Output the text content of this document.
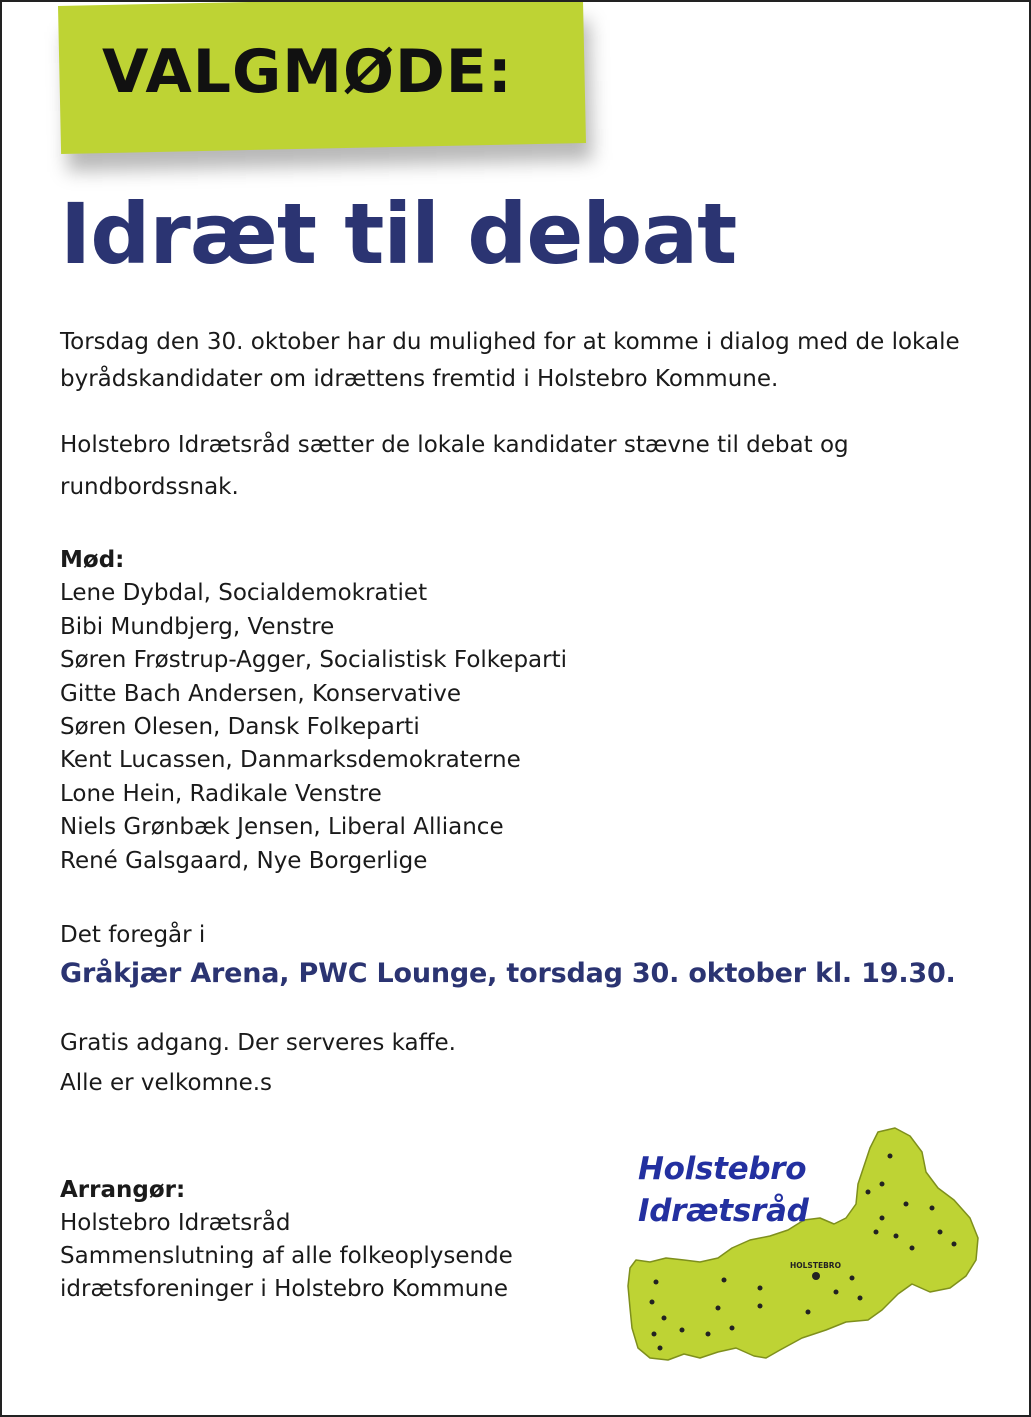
VALGMØDE:
Idræt til debat
Torsdag den 30. oktober har du mulighed for at komme i dialog med de lokale byrådskandidater om idrættens fremtid i Holstebro Kommune.
Holstebro Idrætsråd sætter de lokale kandidater stævne til debat og rundbordssnak.
Mød:
Lene Dybdal, Socialdemokratiet
Bibi Mundbjerg, Venstre
Søren Frøstrup-Agger, Socialistisk Folkeparti
Gitte Bach Andersen, Konservative
Søren Olesen, Dansk Folkeparti
Kent Lucassen, Danmarksdemokraterne
Lone Hein, Radikale Venstre
Niels Grønbæk Jensen, Liberal Alliance
René Galsgaard, Nye Borgerlige
Det foregår i
Gråkjær Arena, PWC Lounge, torsdag 30. oktober kl. 19.30.
Gratis adgang. Der serveres kaffe.
Alle er velkomne.s
Arrangør:
Holstebro Idrætsråd
Sammenslutning af alle folkeoplysende
idrætsforeninger i Holstebro Kommune
HOLSTEBRO
Holstebro
Idrætsråd
